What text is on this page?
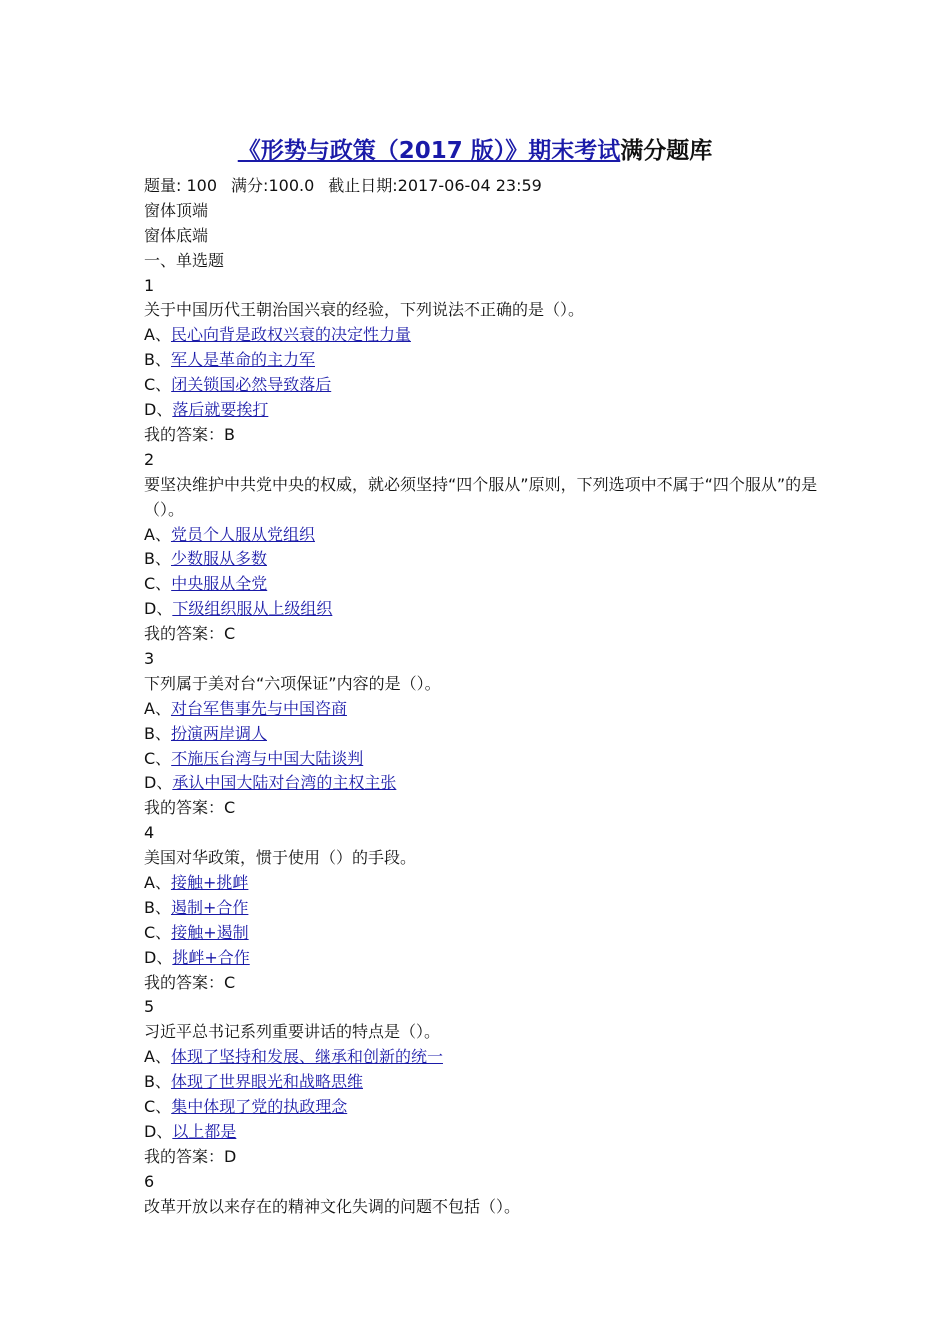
《形势与政策（2017 版）》期末考试满分题库
题量: 100 满分:100.0 截止日期:2017-06-04 23:59
窗体顶端
窗体底端
一、单选题
1
关于中国历代王朝治国兴衰的经验，下列说法不正确的是（）。
A、民心向背是政权兴衰的决定性力量
B、军人是革命的主力军
C、闭关锁国必然导致落后
D、落后就要挨打
我的答案：B
2
要坚决维护中共党中央的权威，就必须坚持“四个服从”原则，下列选项中不属于“四个服从”的是（）。
A、党员个人服从党组织
B、少数服从多数
C、中央服从全党
D、下级组织服从上级组织
我的答案：C
3
下列属于美对台“六项保证”内容的是（）。
A、对台军售事先与中国咨商
B、扮演两岸调人
C、不施压台湾与中国大陆谈判
D、承认中国大陆对台湾的主权主张
我的答案：C
4
美国对华政策，惯于使用（）的手段。
A、接触+挑衅
B、遏制+合作
C、接触+遏制
D、挑衅+合作
我的答案：C
5
习近平总书记系列重要讲话的特点是（）。
A、体现了坚持和发展、继承和创新的统一
B、体现了世界眼光和战略思维
C、集中体现了党的执政理念
D、以上都是
我的答案：D
6
改革开放以来存在的精神文化失调的问题不包括（）。
